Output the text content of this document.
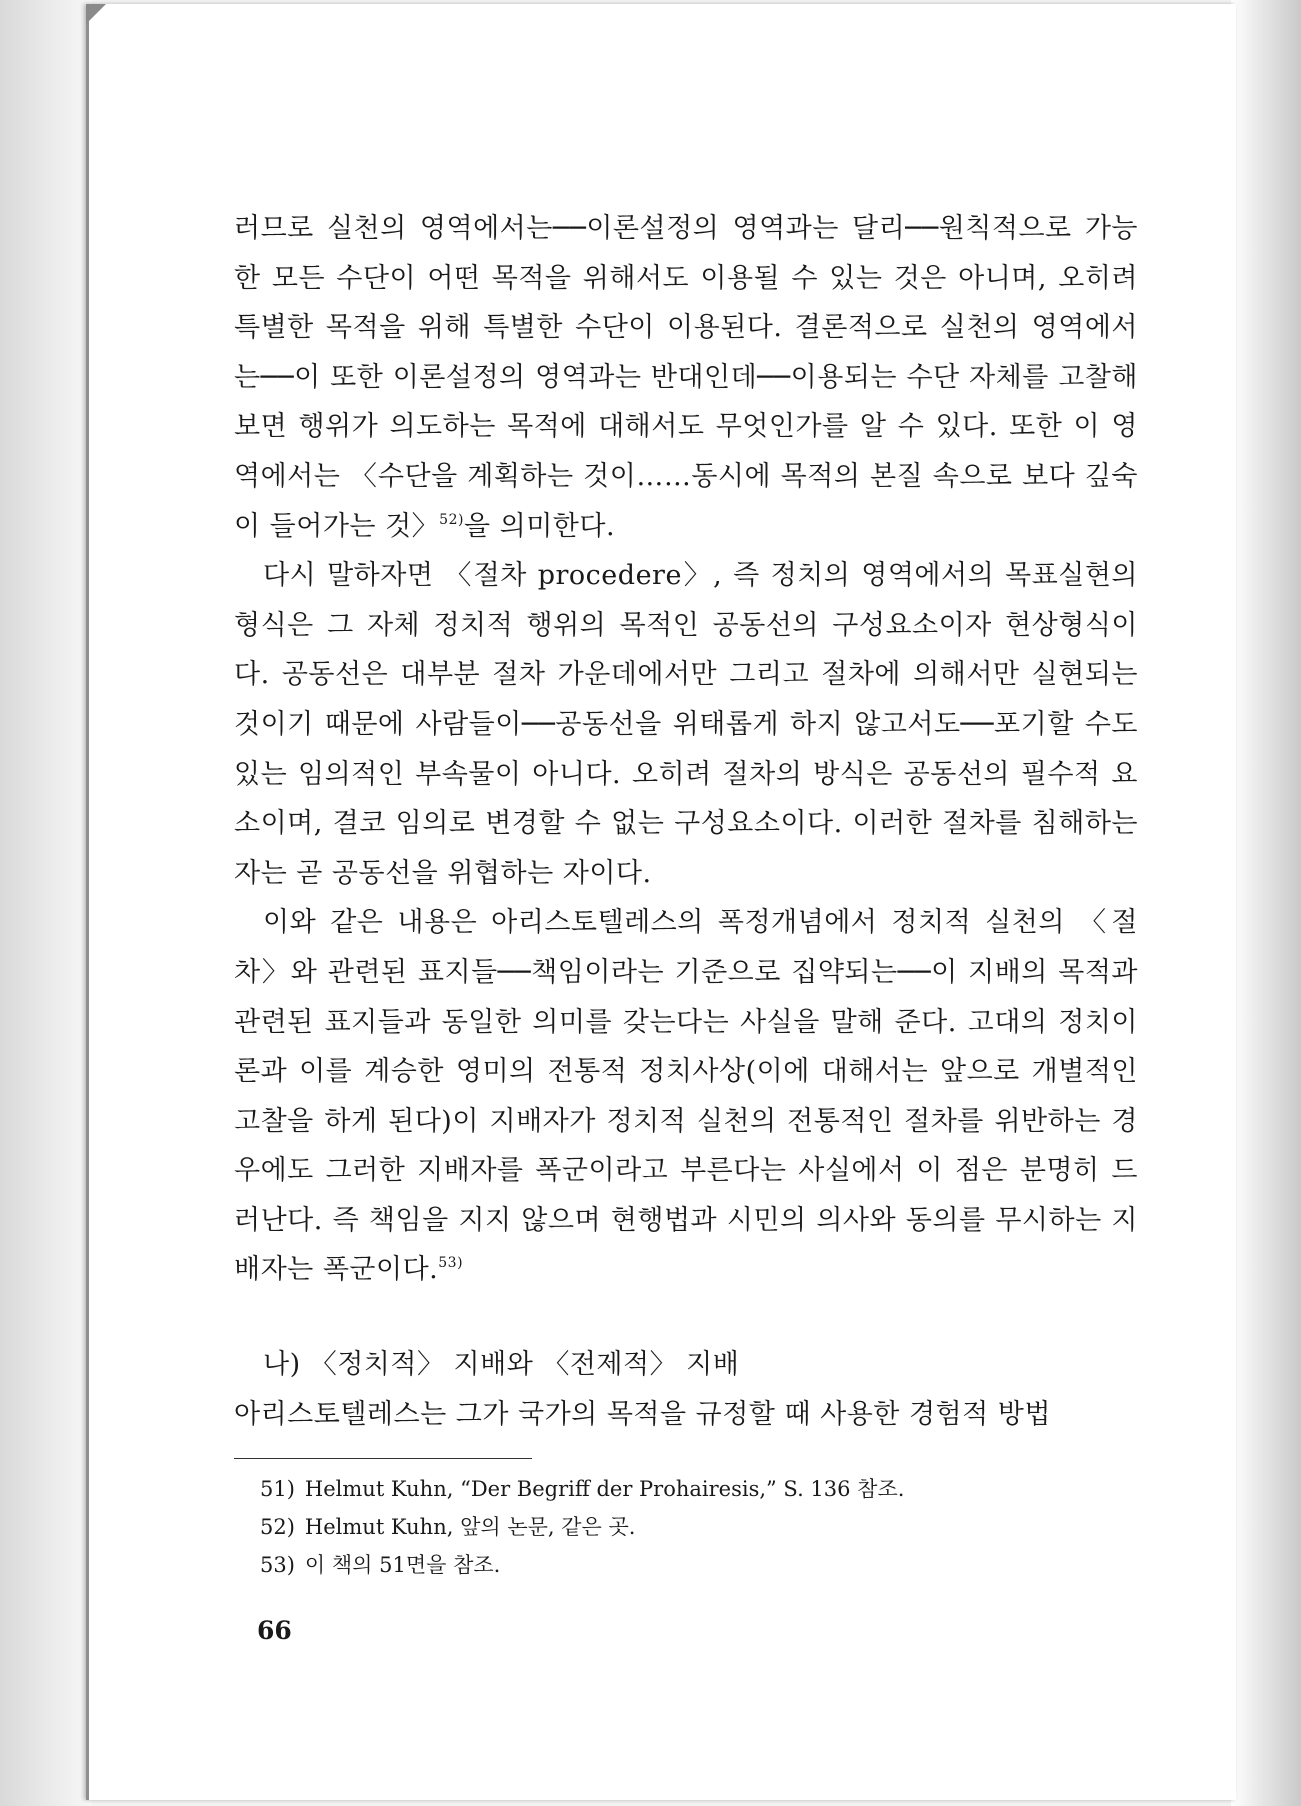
러므로 실천의 영역에서는──이론설정의 영역과는 달리──원칙적으로 가능한 모든 수단이 어떤 목적을 위해서도 이용될 수 있는 것은 아니며, 오히려 특별한 목적을 위해 특별한 수단이 이용된다. 결론적으로 실천의 영역에서는──이 또한 이론설정의 영역과는 반대인데──이용되는 수단 자체를 고찰해 보면 행위가 의도하는 목적에 대해서도 무엇인가를 알 수 있다. 또한 이 영역에서는 〈수단을 계획하는 것이……동시에 목적의 본질 속으로 보다 깊숙이 들어가는 것〉$^{52)}$을 의미한다.

다시 말하자면 〈절차 procedere〉, 즉 정치의 영역에서의 목표실현의 형식은 그 자체 정치적 행위의 목적인 공동선의 구성요소이자 현상형식이다. 공동선은 대부분 절차 가운데에서만 그리고 절차에 의해서만 실현되는 것이기 때문에 사람들이──공동선을 위태롭게 하지 않고서도──포기할 수도 있는 임의적인 부속물이 아니다. 오히려 절차의 방식은 공동선의 필수적 요소이며, 결코 임의로 변경할 수 없는 구성요소이다. 이러한 절차를 침해하는 자는 곧 공동선을 위협하는 자이다.

이와 같은 내용은 아리스토텔레스의 폭정개념에서 정치적 실천의 〈절차〉와 관련된 표지들──책임이라는 기준으로 집약되는──이 지배의 목적과 관련된 표지들과 동일한 의미를 갖는다는 사실을 말해 준다. 고대의 정치이론과 이를 계승한 영미의 전통적 정치사상(이에 대해서는 앞으로 개별적인 고찰을 하게 된다)이 지배자가 정치적 실천의 전통적인 절차를 위반하는 경우에도 그러한 지배자를 폭군이라고 부른다는 사실에서 이 점은 분명히 드러난다. 즉 책임을 지지 않으며 현행법과 시민의 의사와 동의를 무시하는 지배자는 폭군이다.$^{53)}$

나) 〈정치적〉 지배와 〈전제적〉 지배
아리스토텔레스는 그가 국가의 목적을 규정할 때 사용한 경험적 방법
51) Helmut Kuhn, “Der Begriff der Prohairesis,” S. 136 참조.
52) Helmut Kuhn, 앞의 논문, 같은 곳.
53) 이 책의 51면을 참조.
66
